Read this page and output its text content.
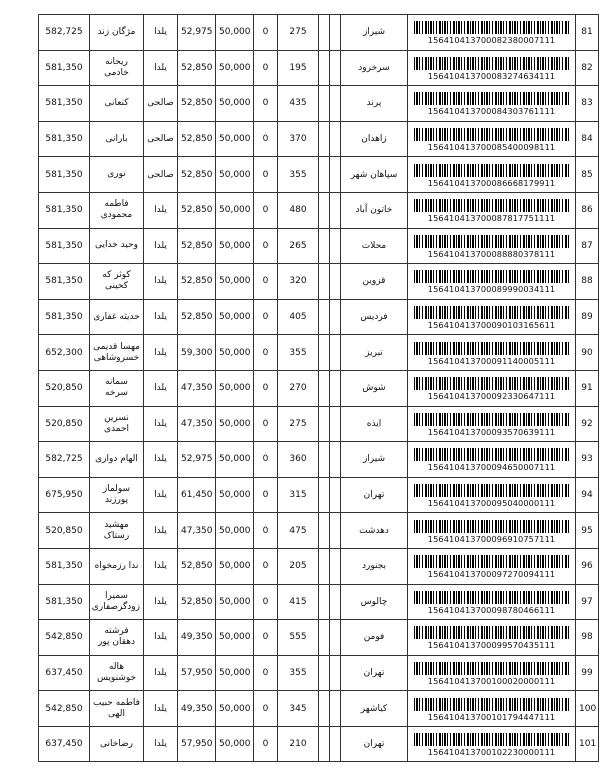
582,725	مژگان زند	یلدا	52,975	50,000	0	275			شیراز	156410413700082380007111	81
581,350	ریحانه خادمی	یلدا	52,850	50,000	0	195			سرخرود	156410413700083274634111	82
581,350	کنعانی	صالحی	52,850	50,000	0	435			پرند	156410413700084303761111	83
581,350	بارانی	صالحی	52,850	50,000	0	370			زاهدان	156410413700085400098111	84
581,350	نوری	صالحی	52,850	50,000	0	355			سپاهان شهر	156410413700086668179911	85
581,350	فاطمه محمودی	یلدا	52,850	50,000	0	480			خاتون آباد	156410413700087817751111	86
581,350	وحید خدایی	یلدا	52,850	50,000	0	265			محلات	156410413700088880378111	87
581,350	کوثر که کحینی	یلدا	52,850	50,000	0	320			قزوین	156410413700089990034111	88
581,350	حدیثه غفاری	یلدا	52,850	50,000	0	405			فردیس	156410413700090103165611	89
652,300	مهسا قدیمی خسروشاهی	یلدا	59,300	50,000	0	355			تبریز	156410413700091140005111	90
520,850	سمانه سرخه	یلدا	47,350	50,000	0	270			شوش	156410413700092330647111	91
520,850	نسرین احمدی	یلدا	47,350	50,000	0	275			ایذه	156410413700093570639111	92
582,725	الهام دواری	یلدا	52,975	50,000	0	360			شیراز	156410413700094650007111	93
675,950	سولماز پورزند	یلدا	61,450	50,000	0	315			تهران	156410413700095040000111	94
520,850	مهشید رستاک	یلدا	47,350	50,000	0	475			دهدشت	156410413700096910757111	95
581,350	ندا رزمخواه	یلدا	52,850	50,000	0	205			بجنورد	156410413700097270094111	96
581,350	سمیرا زودگرصفاری	یلدا	52,850	50,000	0	415			چالوس	156410413700098780466111	97
542,850	فرشته دهقان پور	یلدا	49,350	50,000	0	555			فومن	156410413700099570435111	98
637,450	هاله خوشنویس	یلدا	57,950	50,000	0	355			تهران	156410413700100020000111	99
542,850	فاطمه حبیب الهی	یلدا	49,350	50,000	0	345			کیاشهر	156410413700101794447111	100
637,450	رضاخانی	یلدا	57,950	50,000	0	210			تهران	156410413700102230000111	101
